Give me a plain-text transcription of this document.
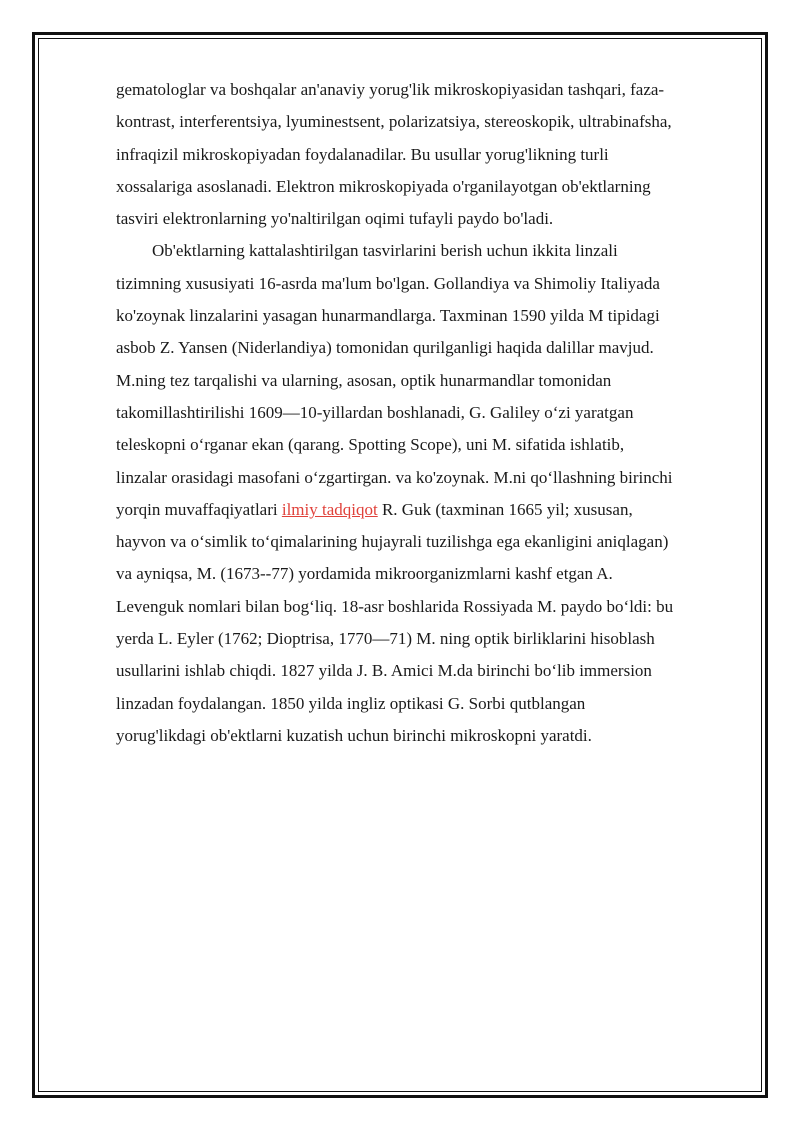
gematologlar va boshqalar an'anaviy yorug'lik mikroskopiyasidan tashqari, faza-
kontrast, interferentsiya, lyuminestsent, polarizatsiya, stereoskopik, ultrabinafsha,
infraqizil mikroskopiyadan foydalanadilar. Bu usullar yorug'likning turli
xossalariga asoslanadi. Elektron mikroskopiyada o'rganilayotgan ob'ektlarning
tasviri elektronlarning yo'naltirilgan oqimi tufayli paydo bo'ladi.

Ob'ektlarning kattalashtirilgan tasvirlarini berish uchun ikkita linzali
tizimning xususiyati 16-asrda ma'lum bo'lgan. Gollandiya va Shimoliy Italiyada
ko'zoynak linzalarini yasagan hunarmandlarga. Taxminan 1590 yilda M tipidagi
asbob Z. Yansen (Niderlandiya) tomonidan qurilganligi haqida dalillar mavjud.
M.ning tez tarqalishi va ularning, asosan, optik hunarmandlar tomonidan
takomillashtirilishi 1609—10-yillardan boshlanadi, G. Galiley o‘zi yaratgan
teleskopni o‘rganar ekan (qarang. Spotting Scope), uni M. sifatida ishlatib,
linzalar orasidagi masofani o‘zgartirgan. va ko'zoynak. M.ni qo‘llashning birinchi
yorqin muvaffaqiyatlari ilmiy tadqiqot R. Guk (taxminan 1665 yil; xususan,
hayvon va o‘simlik to‘qimalarining hujayrali tuzilishga ega ekanligini aniqlagan)
va ayniqsa, M. (1673--77) yordamida mikroorganizmlarni kashf etgan A.
Levenguk nomlari bilan bog‘liq. 18-asr boshlarida Rossiyada M. paydo bo‘ldi: bu
yerda L. Eyler (1762; Dioptrisa, 1770—71) M. ning optik birliklarini hisoblash
usullarini ishlab chiqdi. 1827 yilda J. B. Amici M.da birinchi bo‘lib immersion
linzadan foydalangan. 1850 yilda ingliz optikasi G. Sorbi qutblangan
yorug'likdagi ob'ektlarni kuzatish uchun birinchi mikroskopni yaratdi.
